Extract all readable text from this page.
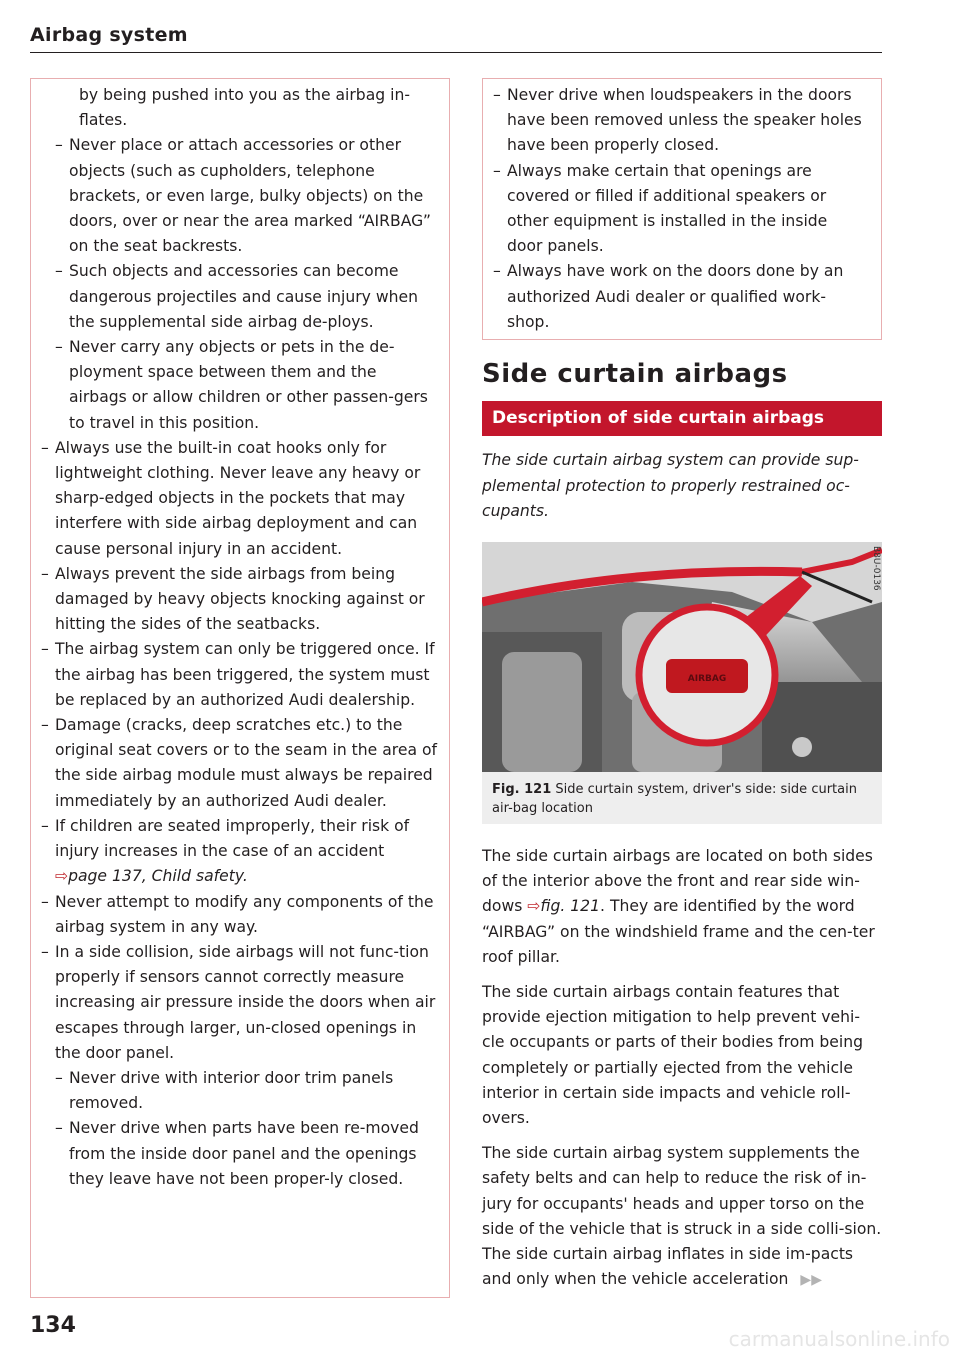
Airbag system
by being pushed into you as the airbag in-flates.
– Never place or attach accessories or other objects (such as cupholders, telephone brackets, or even large, bulky objects) on the doors, over or near the area marked “AIRBAG” on the seat backrests.
– Such objects and accessories can become dangerous projectiles and cause injury when the supplemental side airbag de-ploys.
– Never carry any objects or pets in the de-ployment space between them and the airbags or allow children or other passen-gers to travel in this position.
– Always use the built-in coat hooks only for lightweight clothing. Never leave any heavy or sharp-edged objects in the pockets that may interfere with side airbag deployment and can cause personal injury in an accident.
– Always prevent the side airbags from being damaged by heavy objects knocking against or hitting the sides of the seatbacks.
– The airbag system can only be triggered once. If the airbag has been triggered, the system must be replaced by an authorized Audi dealership.
– Damage (cracks, deep scratches etc.) to the original seat covers or to the seam in the area of the side airbag module must always be repaired immediately by an authorized Audi dealer.
– If children are seated improperly, their risk of injury increases in the case of an accident ⇨page 137, Child safety.
– Never attempt to modify any components of the airbag system in any way.
– In a side collision, side airbags will not func-tion properly if sensors cannot correctly measure increasing air pressure inside the doors when air escapes through larger, un-closed openings in the door panel.
– Never drive with interior door trim panels removed.
– Never drive when parts have been re-moved from the inside door panel and the openings they leave have not been proper-ly closed.
– Never drive when loudspeakers in the doors have been removed unless the speaker holes have been properly closed.
– Always make certain that openings are covered or filled if additional speakers or other equipment is installed in the inside door panels.
– Always have work on the doors done by an authorized Audi dealer or qualified work-shop.
Side curtain airbags
Description of side curtain airbags
The side curtain airbag system can provide sup-plemental protection to properly restrained oc-cupants.
AIRBAG
B8U-0136
Fig. 121 Side curtain system, driver's side: side curtain air-bag location

The side curtain airbags are located on both sides of the interior above the front and rear side win-dows ⇨fig. 121. They are identified by the word “AIRBAG” on the windshield frame and the cen-ter roof pillar.

The side curtain airbags contain features that provide ejection mitigation to help prevent vehi-cle occupants or parts of their bodies from being completely or partially ejected from the vehicle interior in certain side impacts and vehicle roll-overs.

The side curtain airbag system supplements the safety belts and can help to reduce the risk of in-jury for occupants' heads and upper torso on the side of the vehicle that is struck in a side colli-sion. The side curtain airbag inflates in side im-pacts and only when the vehicle acceleration ▶▶

134
carmanualsonline.info
